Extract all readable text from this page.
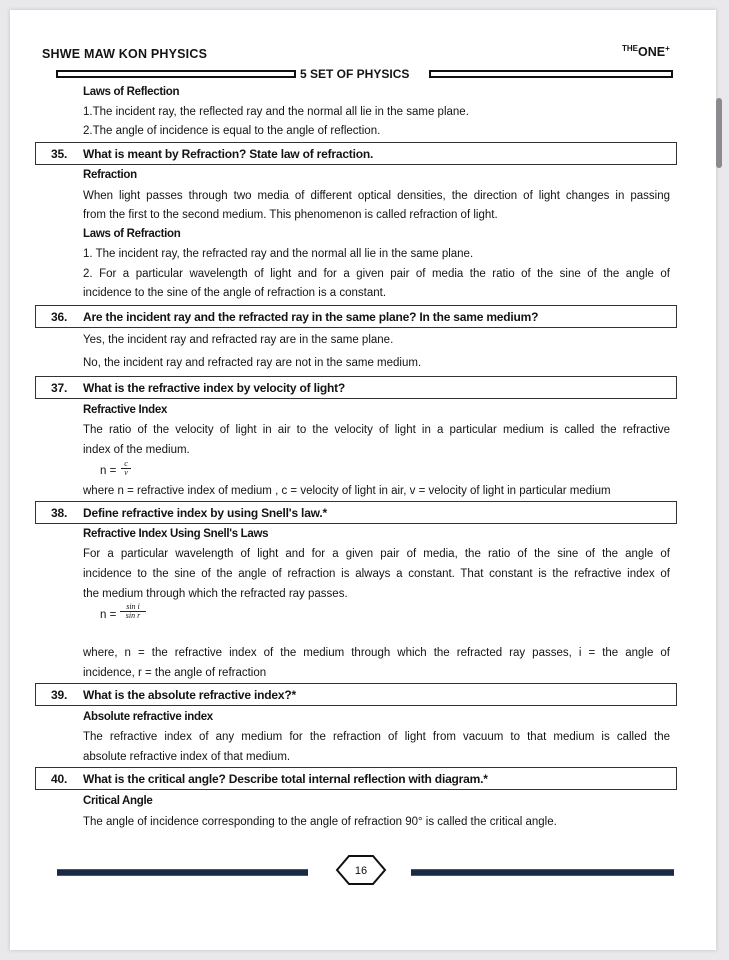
SHWE MAW KON PHYSICS	$^{THE}$ONE+
5 SET OF PHYSICS
Laws of Reflection
1.The incident ray, the reflected ray and the normal all lie in the same plane.
2.The angle of incidence is equal to the angle of reflection.
35. What is meant by Refraction? State law of refraction.
Refraction
When light passes through two media of different optical densities, the direction of light changes in passing
from the first to the second medium. This phenomenon is called refraction of light.
Laws of Refraction
1. The incident ray, the refracted ray and the normal all lie in the same plane.
2. For a particular wavelength of light and for a given pair of media the ratio of the sine of the angle of
incidence to the sine of the angle of refraction is a constant.
36. Are the incident ray and the refracted ray in the same plane? In the same medium?
Yes, the incident ray and refracted ray are in the same plane.
No, the incident ray and refracted ray are not in the same medium.
37. What is the refractive index by velocity of light?
Refractive Index
The ratio of the velocity of light in air to the velocity of light in a particular medium is called the refractive
index of the medium.
$n = \frac{c}{v}$
where n = refractive index of medium , c = velocity of light in air, v = velocity of light in particular medium
38. Define refractive index by using Snell's law.*
Refractive Index Using Snell's Laws
For a particular wavelength of light and for a given pair of media, the ratio of the sine of the angle of
incidence to the sine of the angle of refraction is always a constant. That constant is the refractive index of
the medium through which the refracted ray passes.
$n = \frac{\text{sin i}}{\text{sin r}}$
where, n = the refractive index of the medium through which the refracted ray passes, i = the angle of
incidence, r = the angle of refraction
39. What is the absolute refractive index?*
Absolute refractive index
The refractive index of any medium for the refraction of light from vacuum to that medium is called the
absolute refractive index of that medium.
40. What is the critical angle? Describe total internal reflection with diagram.*
Critical Angle
The angle of incidence corresponding to the angle of refraction 90° is called the critical angle.
16
